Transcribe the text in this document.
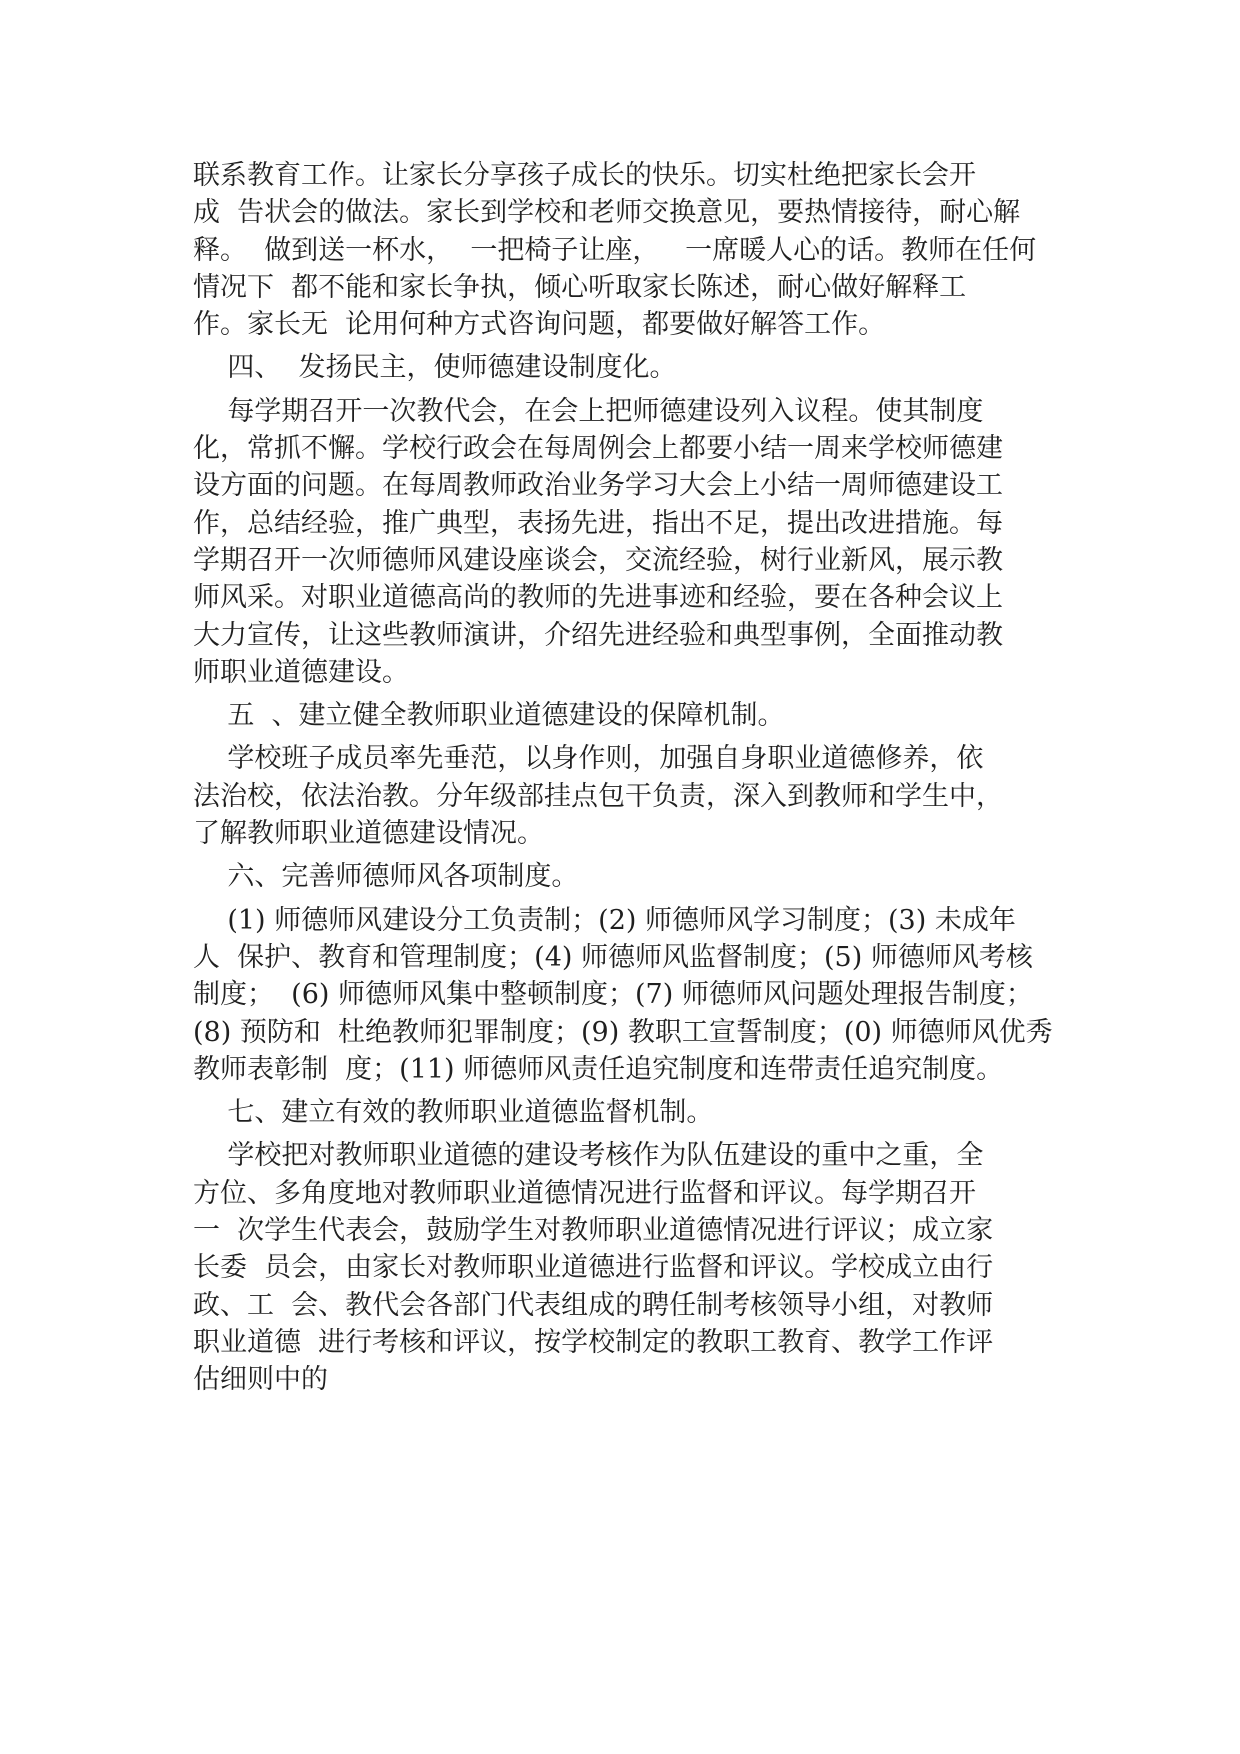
联系教育工作。让家长分享孩子成长的快乐。切实杜绝把家长会开
成  告状会的做法。家长到学校和老师交换意见，要热情接待，耐心解
释。  做到送一杯水，  一把椅子让座，   一席暖人心的话。教师在任何
情况下  都不能和家长争执，倾心听取家长陈述，耐心做好解释工
作。家长无  论用何种方式咨询问题，都要做好解答工作。
四、  发扬民主，使师德建设制度化。
每学期召开一次教代会，在会上把师德建设列入议程。使其制度
化，常抓不懈。学校行政会在每周例会上都要小结一周来学校师德建
设方面的问题。在每周教师政治业务学习大会上小结一周师德建设工
作，总结经验，推广典型，表扬先进，指出不足，提出改进措施。每
学期召开一次师德师风建设座谈会，交流经验，树行业新风，展示教
师风采。对职业道德高尚的教师的先进事迹和经验，要在各种会议上
大力宣传，让这些教师演讲，介绍先进经验和典型事例，全面推动教
师职业道德建设。
五  、建立健全教师职业道德建设的保障机制。
学校班子成员率先垂范，以身作则，加强自身职业道德修养，依
法治校，依法治教。分年级部挂点包干负责，深入到教师和学生中，
了解教师职业道德建设情况。
六、完善师德师风各项制度。
(1) 师德师风建设分工负责制；(2) 师德师风学习制度；(3) 未成年
人  保护、教育和管理制度；(4) 师德师风监督制度；(5) 师德师风考核
制度；  (6) 师德师风集中整顿制度；(7) 师德师风问题处理报告制度；
(8) 预防和  杜绝教师犯罪制度；(9) 教职工宣誓制度；(0) 师德师风优秀
教师表彰制  度；(11) 师德师风责任追究制度和连带责任追究制度。
七、建立有效的教师职业道德监督机制。
学校把对教师职业道德的建设考核作为队伍建设的重中之重，全
方位、多角度地对教师职业道德情况进行监督和评议。每学期召开
一  次学生代表会，鼓励学生对教师职业道德情况进行评议；成立家
长委  员会，由家长对教师职业道德进行监督和评议。学校成立由行
政、工  会、教代会各部门代表组成的聘任制考核领导小组，对教师
职业道德  进行考核和评议，按学校制定的教职工教育、教学工作评
估细则中的
